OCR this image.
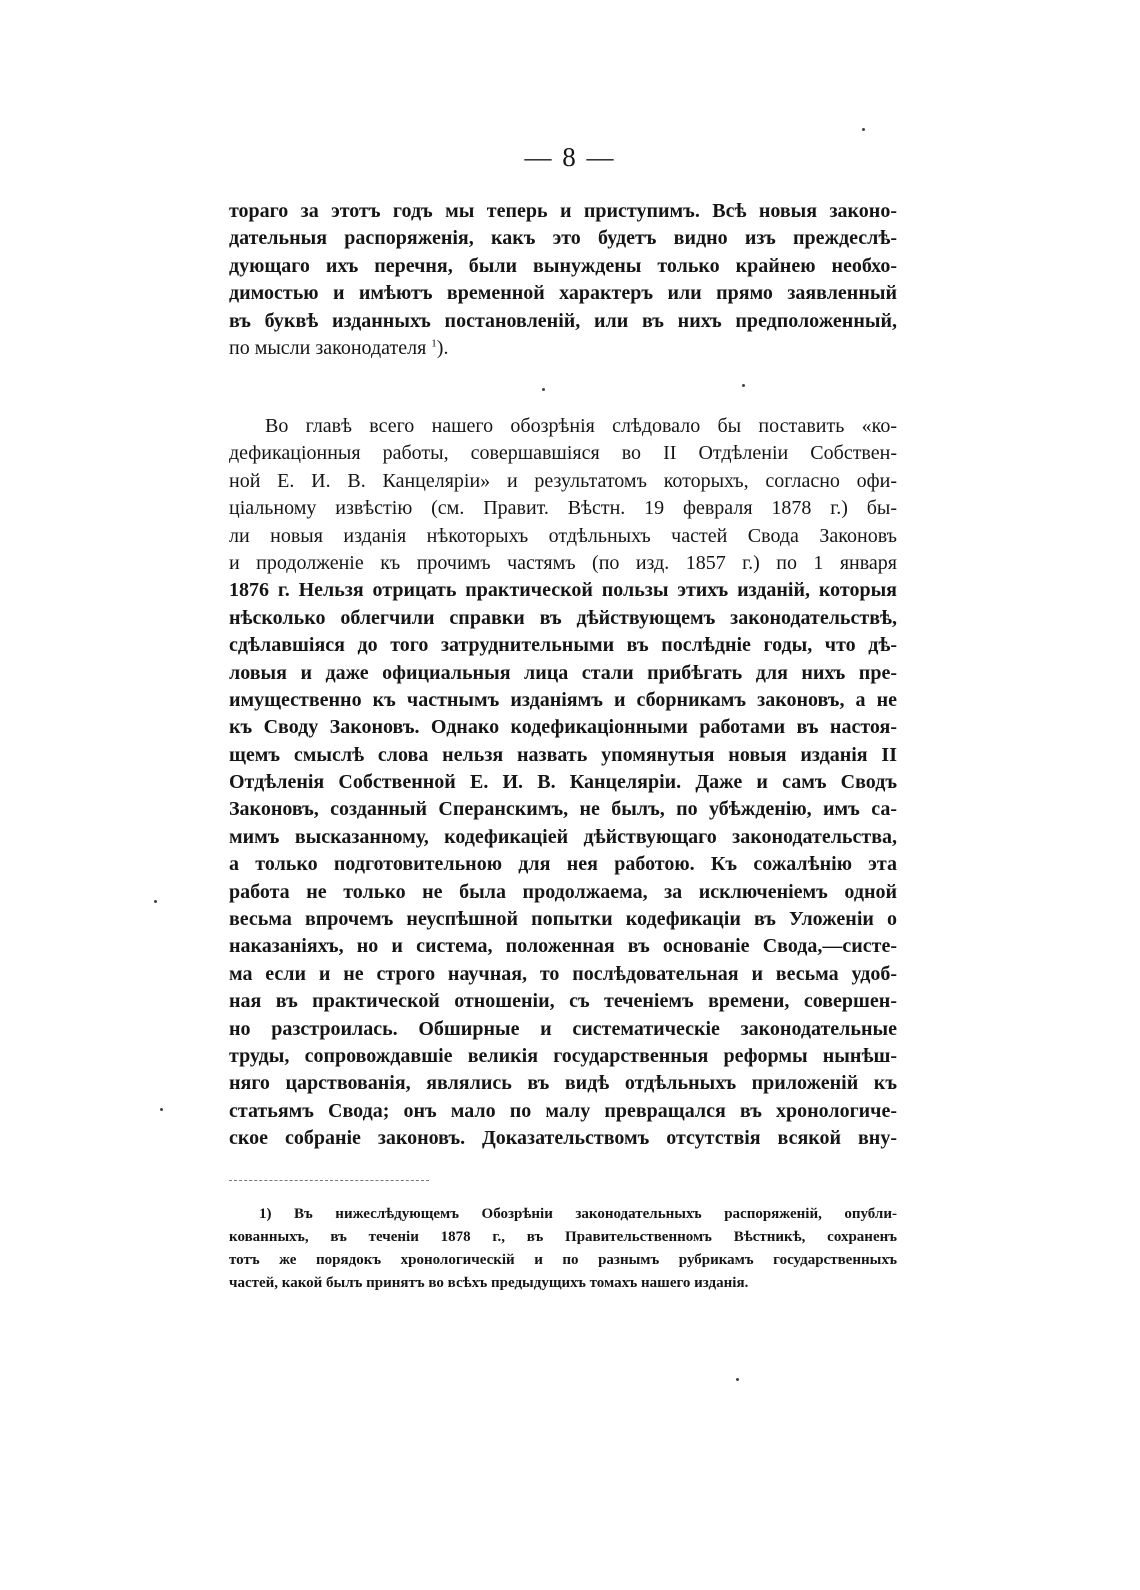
— 8 —
тораго за этотъ годъ мы теперь и приступимъ. Всѣ новыя законо-
дательныя распоряженія, какъ это будетъ видно изъ преждеслѣ-
дующаго ихъ перечня, были вынуждены только крайнею необхо-
димостью и имѣютъ временной характеръ или прямо заявленный
въ буквѣ изданныхъ постановленій, или въ нихъ предположенный,
по мысли законодателя $^1$).
Во главѣ всего нашего обозрѣнія слѣдовало бы поставить «ко-
дефикаціонныя работы, совершавшіяся во II Отдѣленіи Собствен-
ной Е. И. В. Канцеляріи» и результатомъ которыхъ, согласно офи-
ціальному извѣстію (см. Правит. Вѣстн. 19 февраля 1878 г.) бы-
ли новыя изданія нѣкоторыхъ отдѣльныхъ частей Свода Законовъ
и продолженіе къ прочимъ частямъ (по изд. 1857 г.) по 1 января
1876 г. Нельзя отрицать практической пользы этихъ изданій, которыя
нѣсколько облегчили справки въ дѣйствующемъ законодательствѣ,
сдѣлавшіяся до того затруднительными въ послѣдніе годы, что дѣ-
ловыя и даже официальныя лица стали прибѣгать для нихъ пре-
имущественно къ частнымъ изданіямъ и сборникамъ законовъ, а не
къ Своду Законовъ. Однако кодефикаціонными работами въ настоя-
щемъ смыслѣ слова нельзя назвать упомянутыя новыя изданія II
Отдѣленія Собственной Е. И. В. Канцеляріи. Даже и самъ Сводъ
Законовъ, созданный Сперанскимъ, не былъ, по убѣжденію, имъ са-
мимъ высказанному, кодефикаціей дѣйствующаго законодательства,
а только подготовительною для нея работою. Къ сожалѣнію эта
работа не только не была продолжаема, за исключеніемъ одной
весьма впрочемъ неуспѣшной попытки кодефикаціи въ Уложеніи о
наказаніяхъ, но и система, положенная въ основаніе Свода,—систе-
ма если и не строго научная, то послѣдовательная и весьма удоб-
ная въ практической отношеніи, съ теченіемъ времени, совершен-
но разстроилась. Обширные и систематическіе законодательные
труды, сопровождавшіе великія государственныя реформы нынѣш-
няго царствованія, являлись въ видѣ отдѣльныхъ приложеній къ
статьямъ Свода; онъ мало по малу превращался въ хронологиче-
ское собраніе законовъ. Доказательствомъ отсутствія всякой вну-
1) Въ нижеслѣдующемъ Обозрѣніи законодательныхъ распоряженій, опубли-
кованныхъ, въ теченіи 1878 г., въ Правительственномъ Вѣстникѣ, сохраненъ
тотъ же порядокъ хронологическій и по разнымъ рубрикамъ государственныхъ
частей, какой былъ принятъ во всѣхъ предыдущихъ томахъ нашего изданія.
